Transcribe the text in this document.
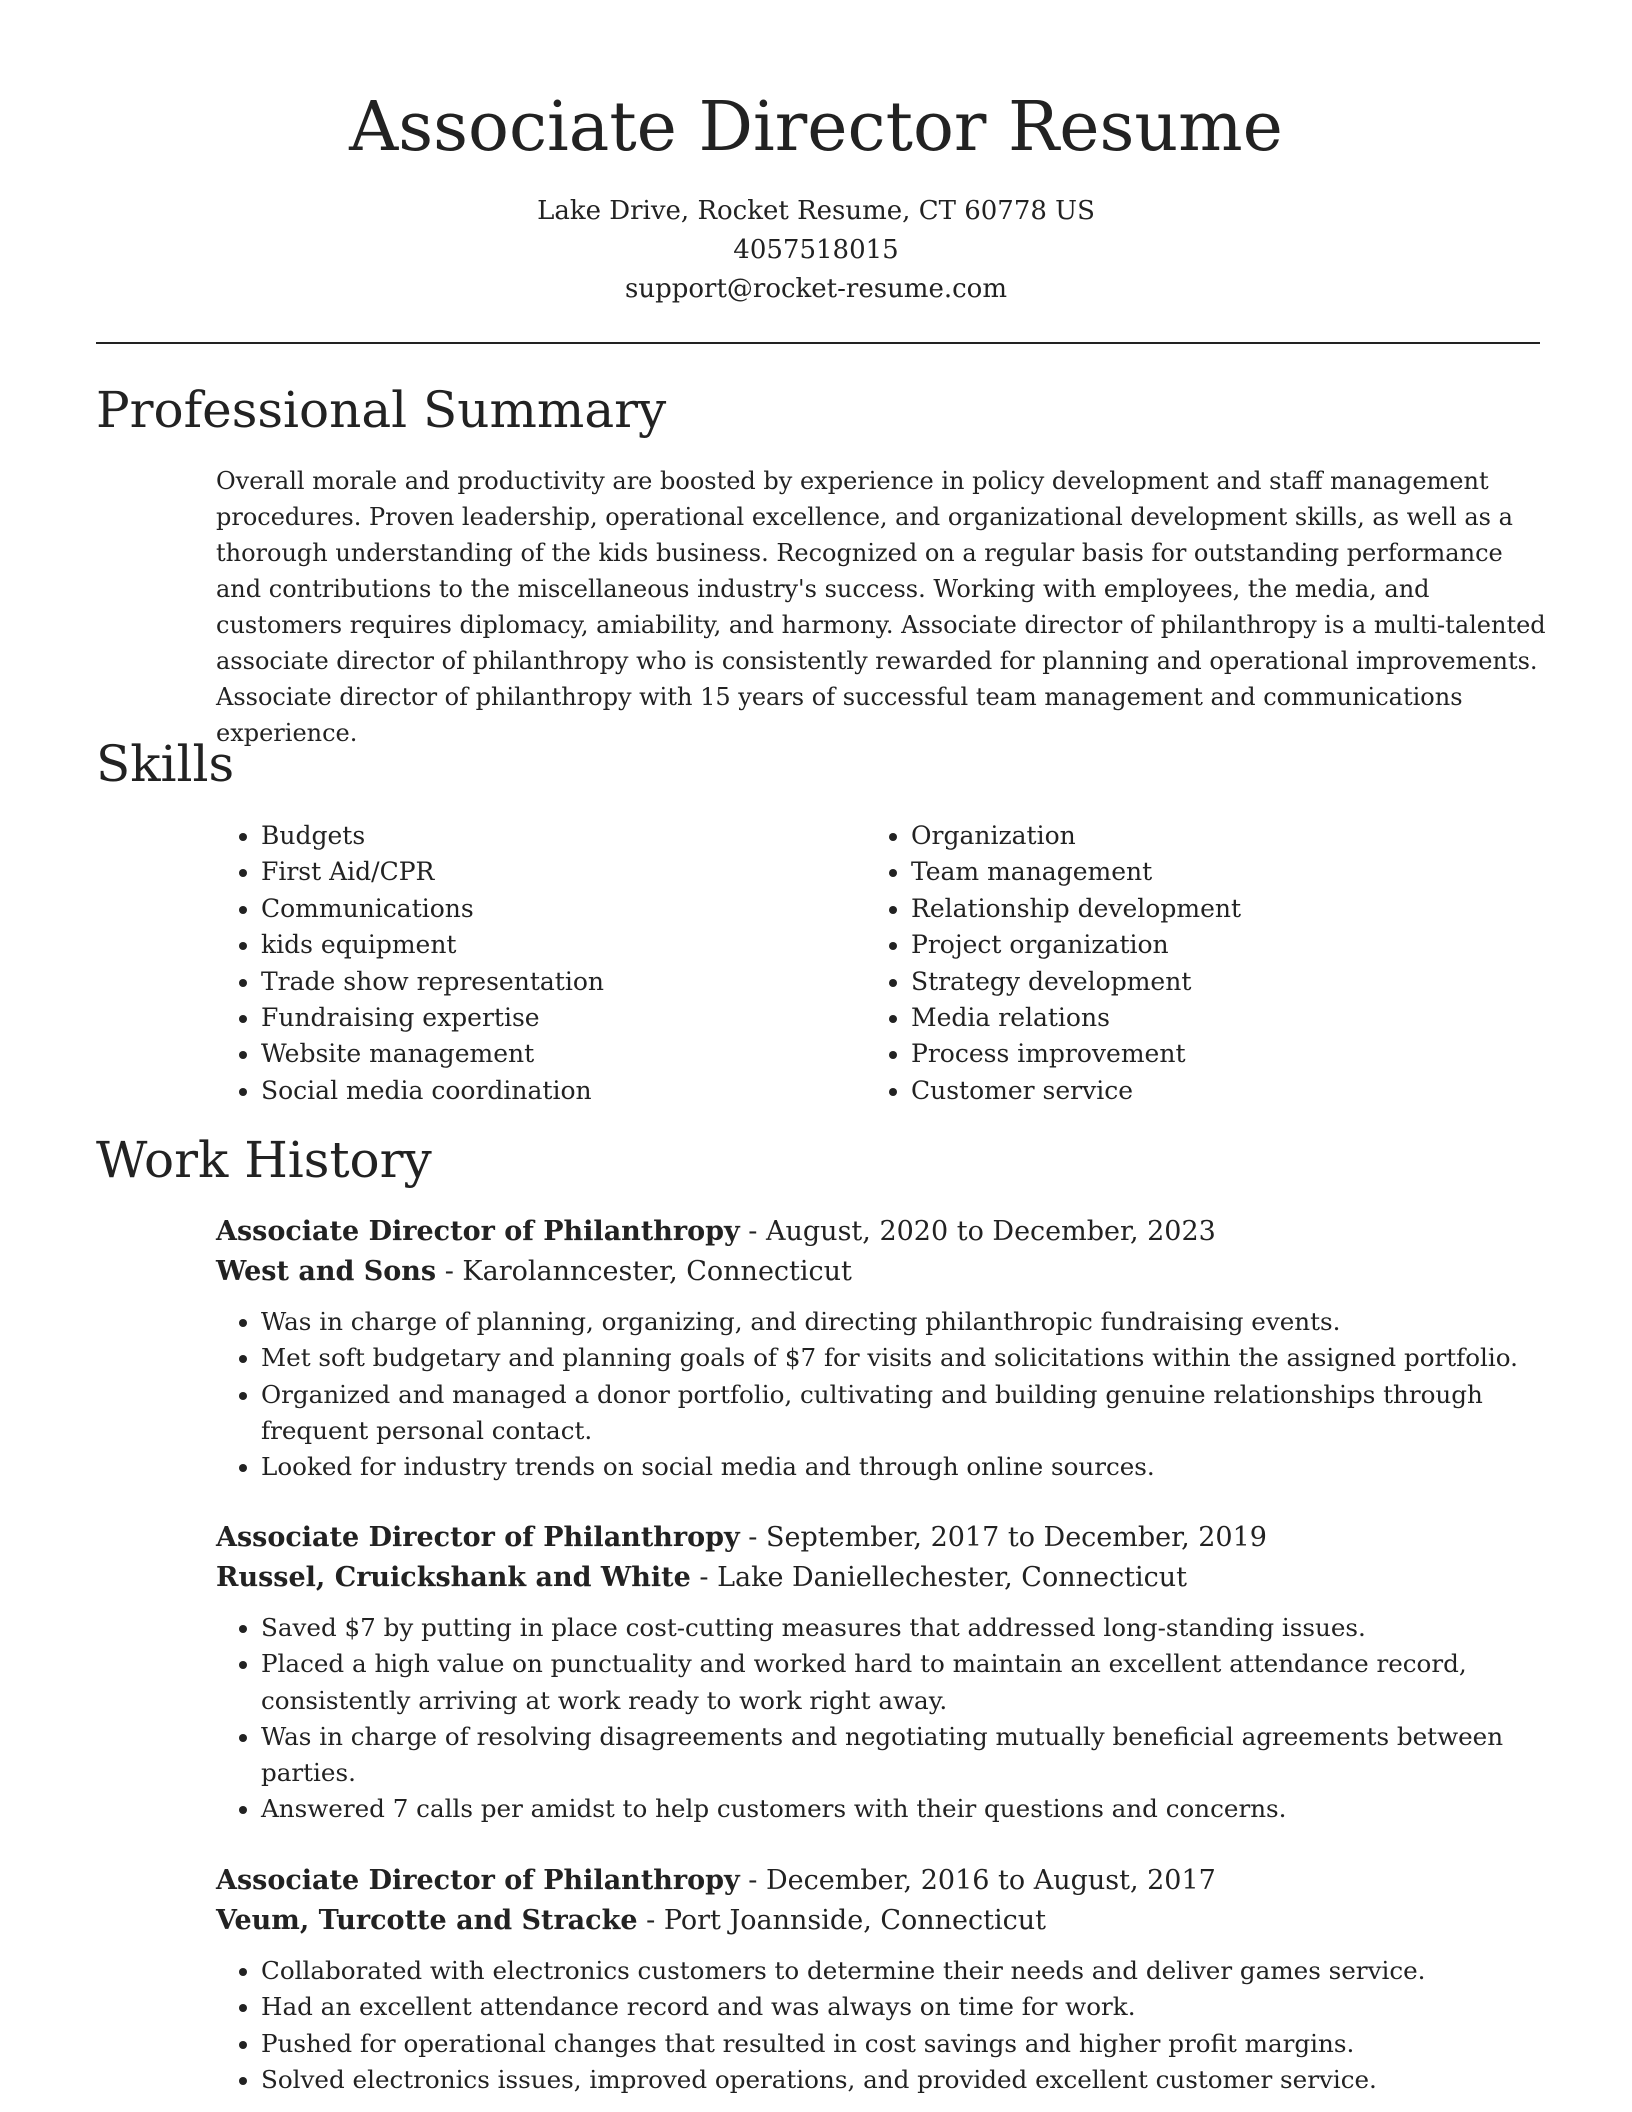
Associate Director Resume
Lake Drive, Rocket Resume, CT 60778 US
4057518015
support@rocket-resume.com
Professional Summary

Overall morale and productivity are boosted by experience in policy development and staff management procedures. Proven leadership, operational excellence, and organizational development skills, as well as a thorough understanding of the kids business. Recognized on a regular basis for outstanding performance and contributions to the miscellaneous industry's success. Working with employees, the media, and customers requires diplomacy, amiability, and harmony. Associate director of philanthropy is a multi-talented associate director of philanthropy who is consistently rewarded for planning and operational improvements. Associate director of philanthropy with 15 years of successful team management and communications experience.

Skills
• Budgets
• First Aid/CPR
• Communications
• kids equipment
• Trade show representation
• Fundraising expertise
• Website management
• Social media coordination
• Organization
• Team management
• Relationship development
• Project organization
• Strategy development
• Media relations
• Process improvement
• Customer service
Work History

Associate Director of Philanthropy - August, 2020 to December, 2023

West and Sons - Karolanncester, Connecticut

• Was in charge of planning, organizing, and directing philanthropic fundraising events.
• Met soft budgetary and planning goals of $7 for visits and solicitations within the assigned portfolio.
• Organized and managed a donor portfolio, cultivating and building genuine relationships through frequent personal contact.
• Looked for industry trends on social media and through online sources.

Associate Director of Philanthropy - September, 2017 to December, 2019

Russel, Cruickshank and White - Lake Daniellechester, Connecticut

• Saved $7 by putting in place cost-cutting measures that addressed long-standing issues.
• Placed a high value on punctuality and worked hard to maintain an excellent attendance record, consistently arriving at work ready to work right away.
• Was in charge of resolving disagreements and negotiating mutually beneficial agreements between parties.
• Answered 7 calls per amidst to help customers with their questions and concerns.

Associate Director of Philanthropy - December, 2016 to August, 2017

Veum, Turcotte and Stracke - Port Joannside, Connecticut

• Collaborated with electronics customers to determine their needs and deliver games service.
• Had an excellent attendance record and was always on time for work.
• Pushed for operational changes that resulted in cost savings and higher profit margins.
• Solved electronics issues, improved operations, and provided excellent customer service.
